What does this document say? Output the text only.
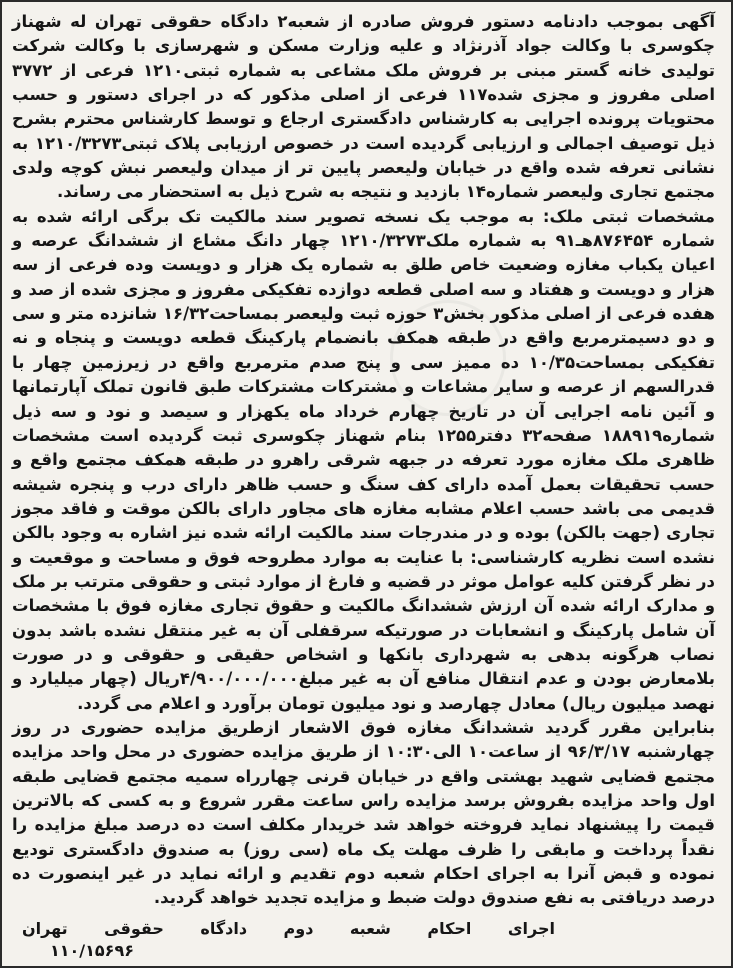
آگهی بموجب دادنامه دستور فروش صادره از شعبه۲ دادگاه حقوقی تهران له شهناز چکوسری با وکالت جواد آذرنژاد و علیه وزارت مسکن و شهرسازی با وکالت شرکت تولیدی خانه گستر مبنی بر فروش ملک مشاعی به شماره ثبتی۱۲۱۰ فرعی از ۳۷۷۲ اصلی مفروز و مجزی شده۱۱۷ فرعی از اصلی مذکور که در اجرای دستور و حسب محتویات پرونده اجرایی به کارشناس دادگستری ارجاع و توسط کارشناس محترم بشرح ذیل توصیف اجمالی و ارزیابی گردیده است در خصوص ارزیابی پلاک ثبتی۱۲۱۰/۳۲۷۳ به نشانی تعرفه شده واقع در خیابان ولیعصر پایین تر از میدان ولیعصر نبش کوچه ولدی مجتمع تجاری ولیعصر شماره۱۴ بازدید و نتیجه به شرح ذیل به استحضار می رساند.

مشخصات ثبتی ملک: به موجب یک نسخه تصویر سند مالکیت تک برگی ارائه شده به شماره ۸۷۶۴۵۴هـ۹۱ به شماره ملک۱۲۱۰/۳۲۷۳ چهار دانگ مشاع از ششدانگ عرصه و اعیان یکباب مغازه وضعیت خاص طلق به شماره یک هزار و دویست وده فرعی از سه هزار و دویست و هفتاد و سه اصلی قطعه دوازده تفکیکی مفروز و مجزی شده از صد و هفده فرعی از اصلی مذکور بخش۳ حوزه ثبت ولیعصر بمساحت۱۶/۳۲ شانزده متر و سی و دو دسیمترمربع واقع در طبقه همکف بانضمام پارکینگ قطعه دویست و پنجاه و نه تفکیکی بمساحت۱۰/۳۵ ده ممیز سی و پنج صدم مترمربع واقع در زیرزمین چهار با قدرالسهم از عرصه و سایر مشاعات و مشترکات مشترکات طبق قانون تملک آپارتمانها و آئین نامه اجرایی آن در تاریخ چهارم خرداد ماه یکهزار و سیصد و نود و سه ذیل شماره۱۸۸۹۱۹ صفحه۳۲ دفتر۱۲۵۵ بنام شهناز چکوسری ثبت گردیده است مشخصات ظاهری ملک مغازه مورد تعرفه در جبهه شرقی راهرو در طبقه همکف مجتمع واقع و حسب تحقیقات بعمل آمده دارای کف سنگ و حسب ظاهر دارای درب و پنجره شیشه قدیمی می باشد حسب اعلام مشابه مغازه های مجاور دارای بالکن موقت و فاقد مجوز تجاری (جهت بالکن) بوده و در مندرجات سند مالکیت ارائه شده نیز اشاره به وجود بالکن نشده است نظریه کارشناسی: با عنایت به موارد مطروحه فوق و مساحت و موقعیت و در نظر گرفتن کلیه عوامل موثر در قضیه و فارغ از موارد ثبتی و حقوقی مترتب بر ملک و مدارک ارائه شده آن ارزش ششدانگ مالکیت و حقوق تجاری مغازه فوق با مشخصات آن شامل پارکینگ و انشعابات در صورتیکه سرقفلی آن به غیر منتقل نشده باشد بدون نصاب هرگونه بدهی به شهرداری بانکها و اشخاص حقیقی و حقوقی و در صورت بلامعارض بودن و عدم انتقال منافع آن به غیر مبلغ۴/۹۰۰/۰۰۰/۰۰۰ریال (چهار میلیارد و نهصد میلیون ریال) معادل چهارصد و نود میلیون تومان برآورد و اعلام می گردد.

بنابراین مقرر گردید ششدانگ مغازه فوق الاشعار ازطریق مزایده حضوری در روز چهارشنبه ۹۶/۳/۱۷ از ساعت۱۰ الی۱۰:۳۰ از طریق مزایده حضوری در محل واحد مزایده مجتمع قضایی شهید بهشتی واقع در خیابان قرنی چهارراه سمیه مجتمع قضایی طبقه اول واحد مزایده بفروش برسد مزایده راس ساعت مقرر شروع و به کسی که بالاترین قیمت را پیشنهاد نماید فروخته خواهد شد خریدار مکلف است ده درصد مبلغ مزایده را نقداً پرداخت و مابقی را ظرف مهلت یک ماه (سی روز) به صندوق دادگستری تودیع نموده و قبض آنرا به اجرای احکام شعبه دوم تقدیم و ارائه نماید در غیر اینصورت ده درصد دریافتی به نفع صندوق دولت ضبط و مزایده تجدید خواهد گردید.

اجرای
احکام
شعبه
دوم
دادگاه
حقوقی
تهران
۱۱۰/۱۵۶۹۶
